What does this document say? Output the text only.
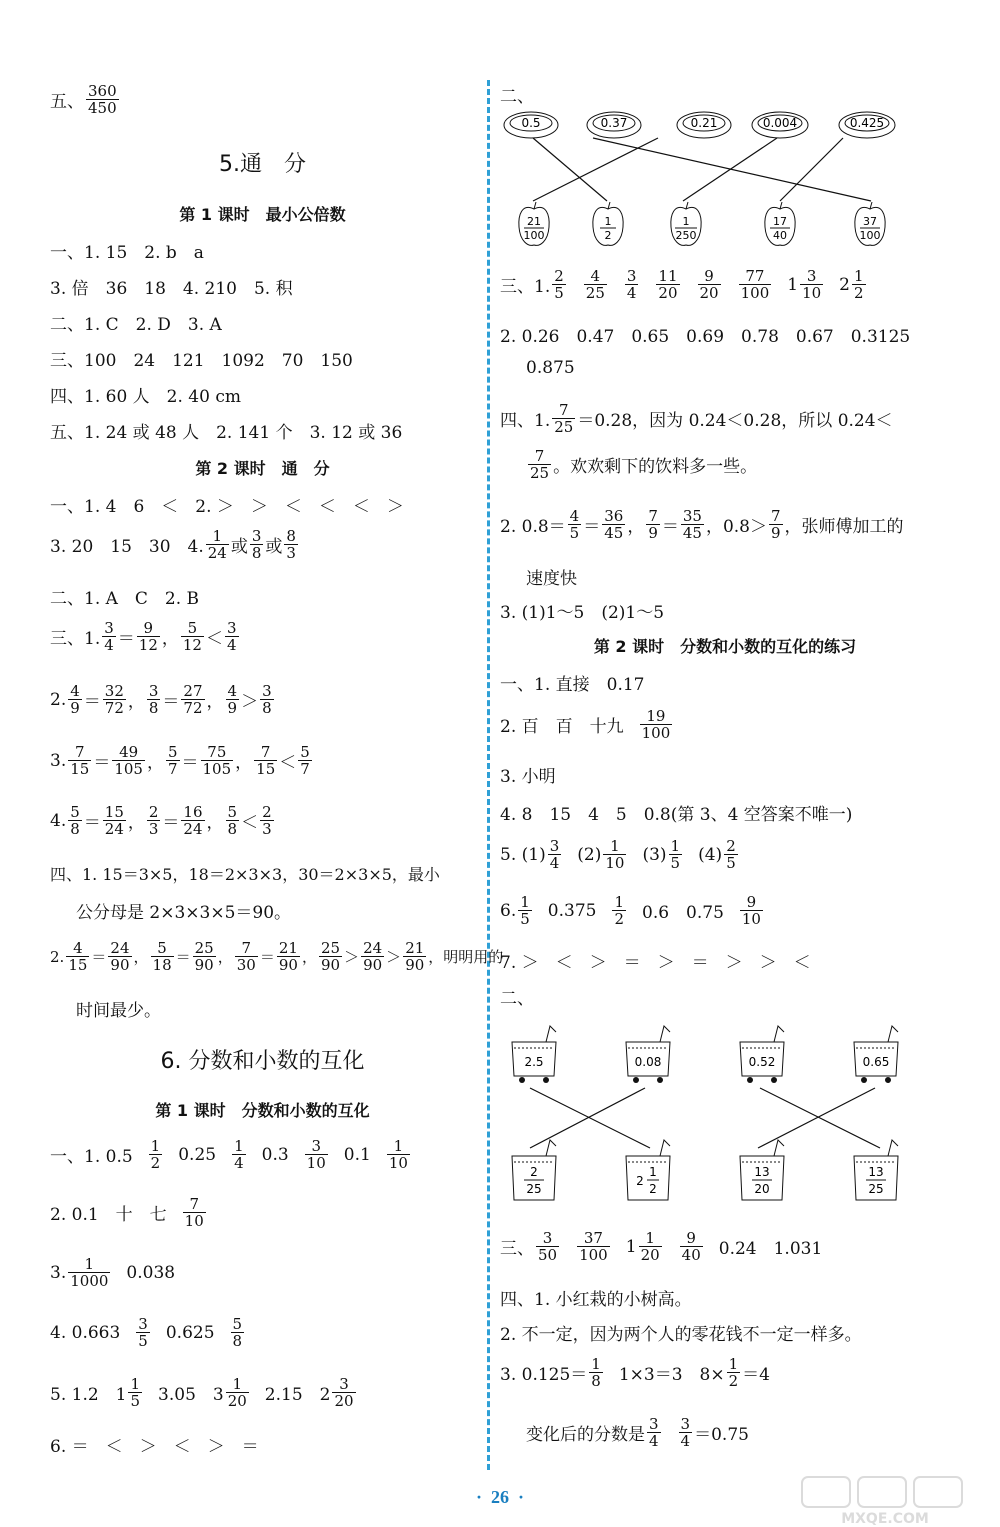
五、 $\frac{360}{450}$
5.通　分
第 1 课时　最小公倍数
一、1. 15　2. b　a
3. 倍　36　18　4. 210　5. 积
二、1. C　2. D　3. A
三、100　24　121　1092　70　150
四、1. 60 人　2. 40 cm
五、1. 24 或 48 人　2. 141 个　3. 12 或 36
第 2 课时　通　分
一、1. 4　6　＜　2. ＞　＞　＜　＜　＜　＞
3. 20　15　30　4. $\frac{1}{24}$ 或 $\frac{3}{8}$ 或 $\frac{8}{3}$
二、1. A　C　2. B
三、1. $\frac{3}{4} = \frac{9}{12}$ ， $\frac{5}{12} < \frac{3}{4}$
2. $\frac{4}{9} = \frac{32}{72}$ ， $\frac{3}{8} = \frac{27}{72}$ ， $\frac{4}{9} > \frac{3}{8}$
3. $\frac{7}{15} = \frac{49}{105}$ ， $\frac{5}{7} = \frac{75}{105}$ ， $\frac{7}{15} < \frac{5}{7}$
4. $\frac{5}{8} = \frac{15}{24}$ ， $\frac{2}{3} = \frac{16}{24}$ ， $\frac{5}{8} < \frac{2}{3}$
四、1. 15＝3×5，18＝2×3×3，30＝2×3×5，最小
公分母是 2×3×3×5＝90。
2. $\frac{4}{15} = \frac{24}{90}$ ， $\frac{5}{18} = \frac{25}{90}$ ， $\frac{7}{30} = \frac{21}{90}$ ， $\frac{25}{90} > \frac{24}{90} > \frac{21}{90}$ ，明明用的
时间最少。
6. 分数和小数的互化
第 1 课时　分数和小数的互化
一、1. $0.5 \frac{1}{2} 0.25 \frac{1}{4} 0.3 \frac{3}{10} 0.1 \frac{1}{10}$
2. 0.1　十　七 $\frac{7}{10}$
3. $\frac{1}{1000} 0.038$
4. $0.663 \frac{3}{5} 0.625 \frac{5}{8}$
5. 1.2　$1 \frac{1}{5} 3.05$　$3 \frac{1}{20} 2.15$　$2 \frac{3}{20}$
6. ＝　＜　＞　＜　＞　＝
二、
0.5	0.37	0.21	0.004	0.425
21
100
1
2
1
250
17
40
37
100
三、1. $\frac{2}{5} \frac{4}{25} \frac{3}{4} \frac{11}{20} \frac{9}{20} \frac{77}{100} 1 \frac{3}{10} 2 \frac{1}{2}$
2. 0.26　0.47　0.65　0.69　0.78　0.67　0.3125
0.875
四、1. $\frac{7}{25} =0.28$，因为 0.24＜0.28，所以 0.24＜
$\frac{7}{25}$ 。欢欢剩下的饮料多一些。
2. $0.8= \frac{4}{5} = \frac{36}{45}$ ， $\frac{7}{9} = \frac{35}{45}$ ，$0.8> \frac{7}{9}$ ，张师傅加工的
速度快
3. (1)1～5　(2)1～5
第 2 课时　分数和小数的互化的练习
一、1. 直接　0.17
2. 百　百　十九 $\frac{19}{100}$
3. 小明
4. 8　15　4　5　0.8(第 3、4 空答案不唯一)
5. $(1) \frac{3}{4} (2) \frac{1}{10} (3) \frac{1}{5} (4) \frac{2}{5}$
6. $\frac{1}{5} 0.375 \frac{1}{2} 0.6$　$0.75 \frac{9}{10}$
7. ＞　＜　＞　＝　＞　＝　＞　＞　＜
二、
2.5	0.08	0.52	0.65
2
25
2
1
2
13
20
13
25
三、 $\frac{3}{50} \frac{37}{100} 1 \frac{1}{20} \frac{9}{40} 0.24$　1.031
四、1. 小红栽的小树高。
2. 不一定，因为两个人的零花钱不一定一样多。
3. $0.125= \frac{1}{8} 1\times 3=3$　$8\times \frac{1}{2} =4$
变化后的分数是 $\frac{3}{4} \frac{3}{4} =0.75$
· 26 ·
MXQE.COM
